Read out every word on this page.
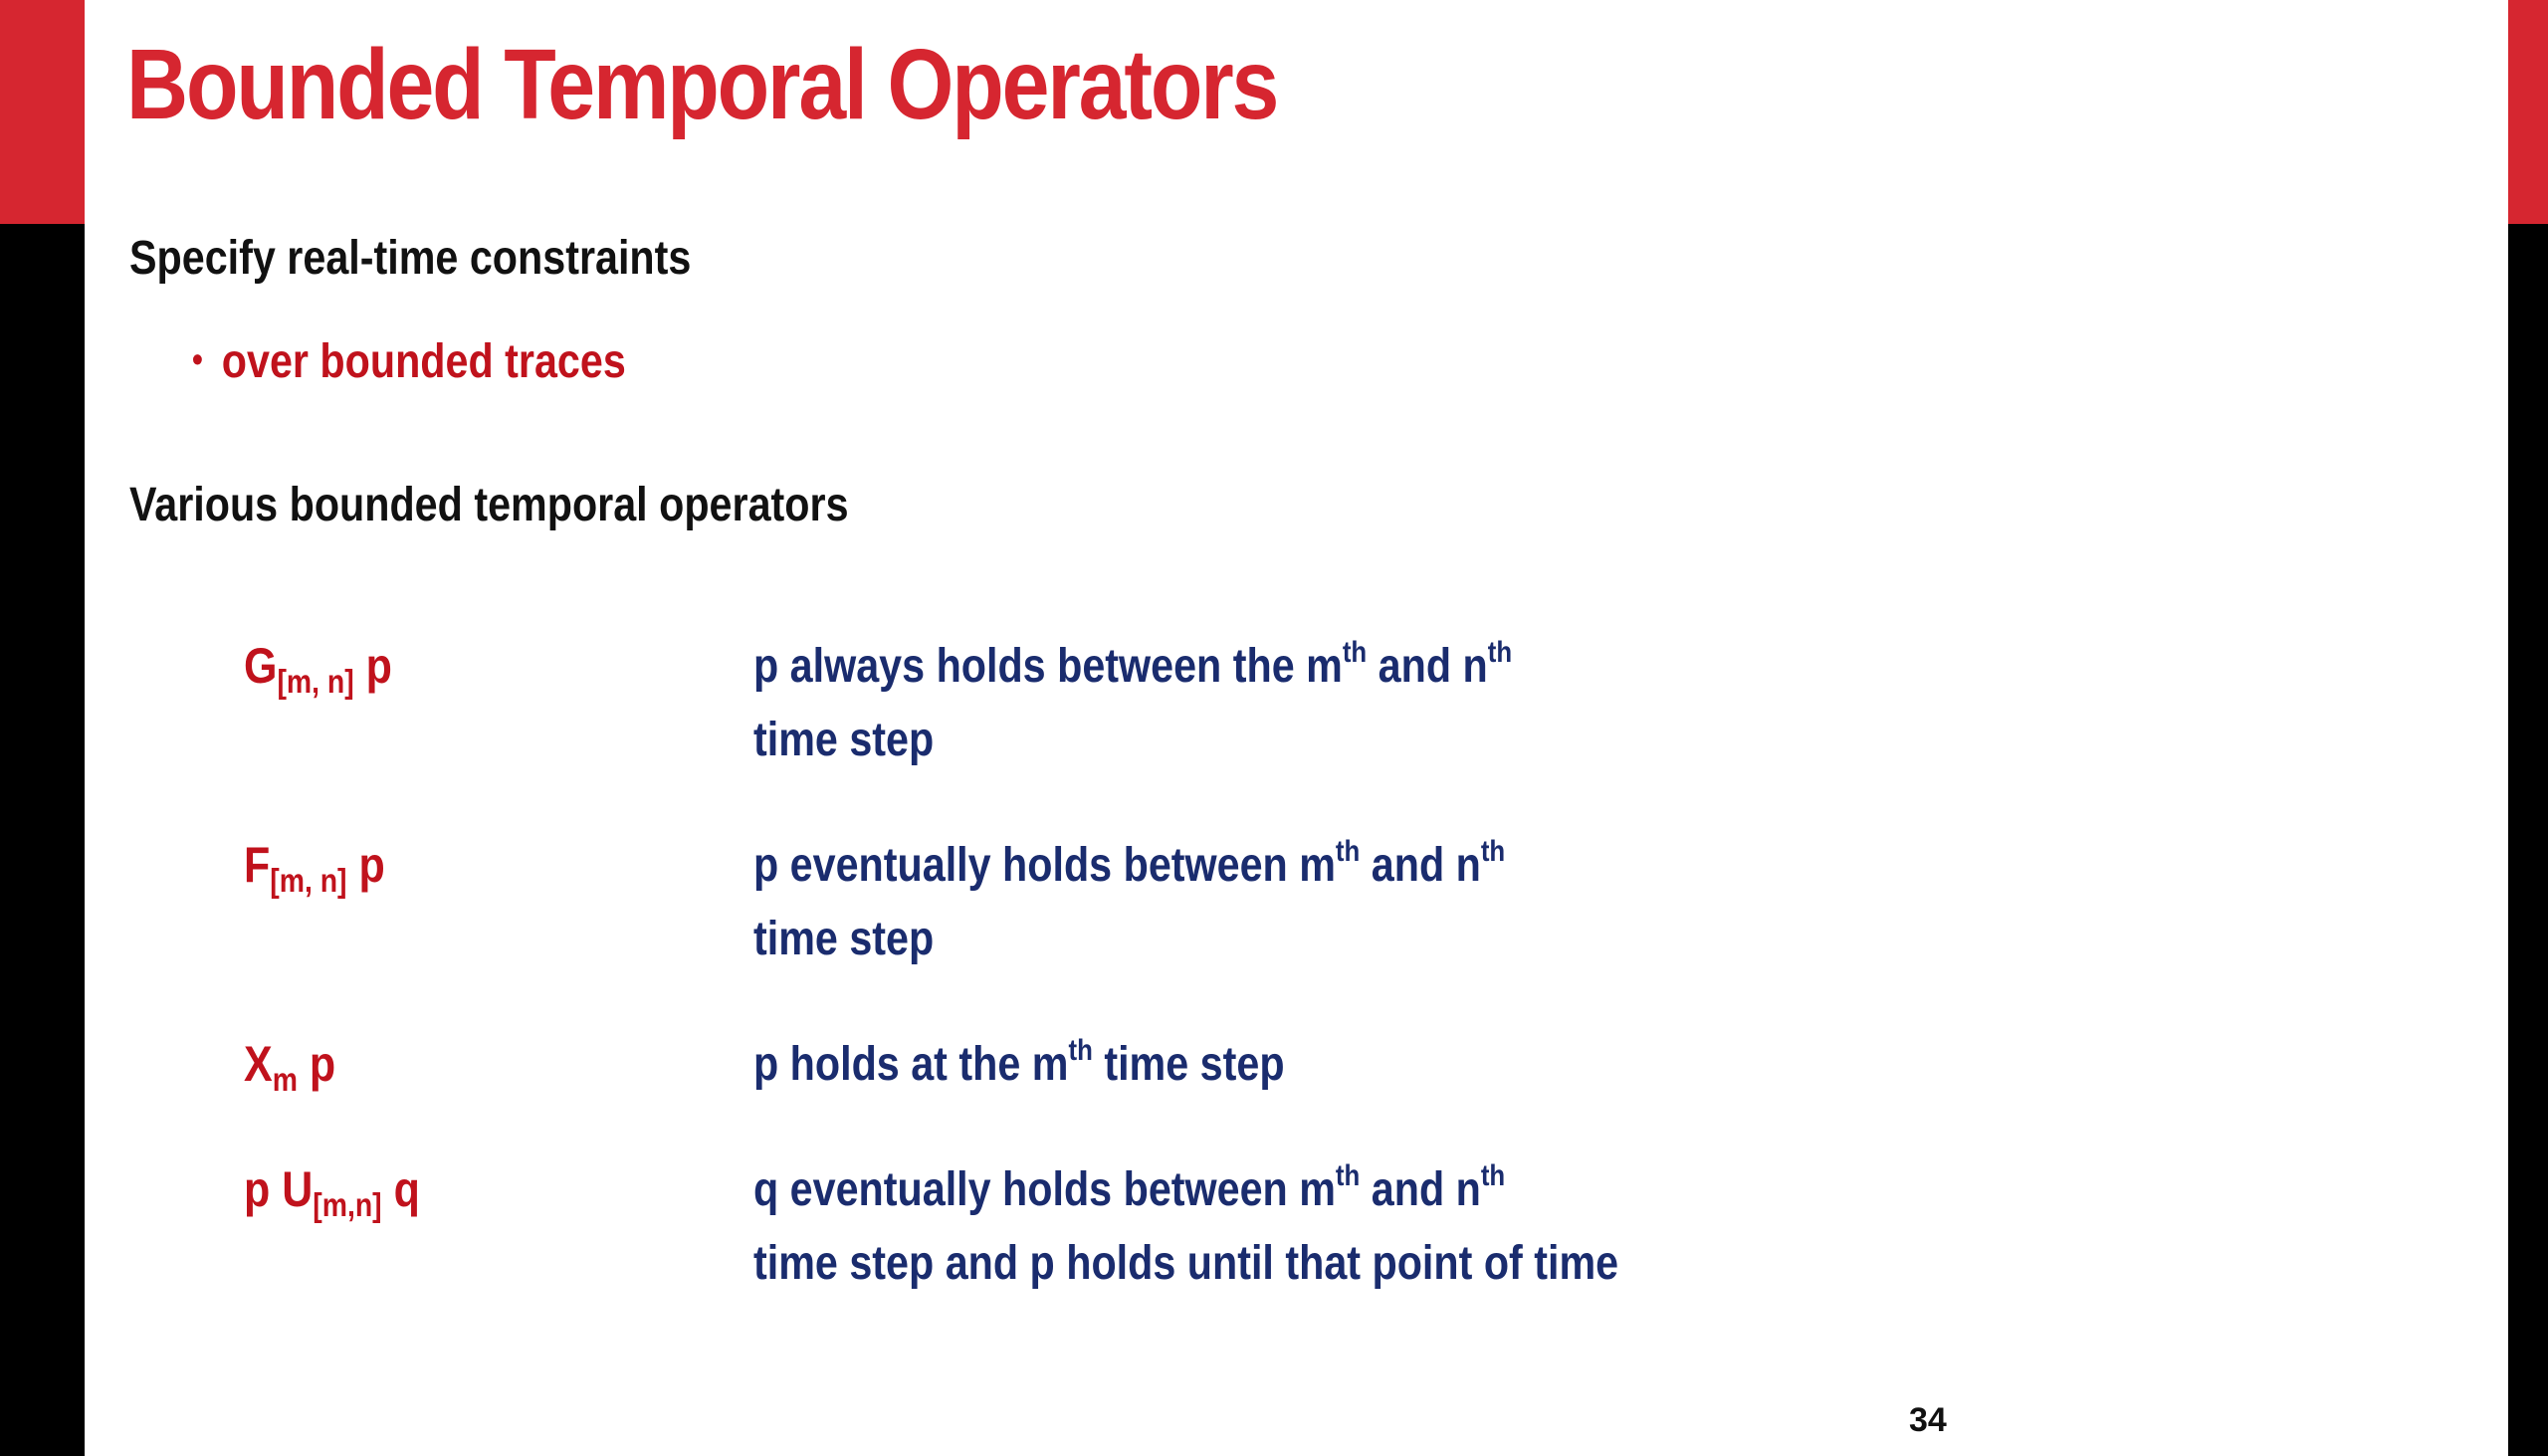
Bounded Temporal Operators
Specify real-time constraints
• over bounded traces
Various bounded temporal operators
$G_{[m, n]}$ p	p always holds between the $m^{th}$ and $n^{th}$
time step
$F_{[m, n]}$ p	p eventually holds between $m^{th}$ and $n^{th}$
time step
$X_m$ p	p holds at the $m^{th}$ time step
p $U_{[m,n]}$ q	q eventually holds between $m^{th}$ and $n^{th}$
time step and p holds until that point of time
34
